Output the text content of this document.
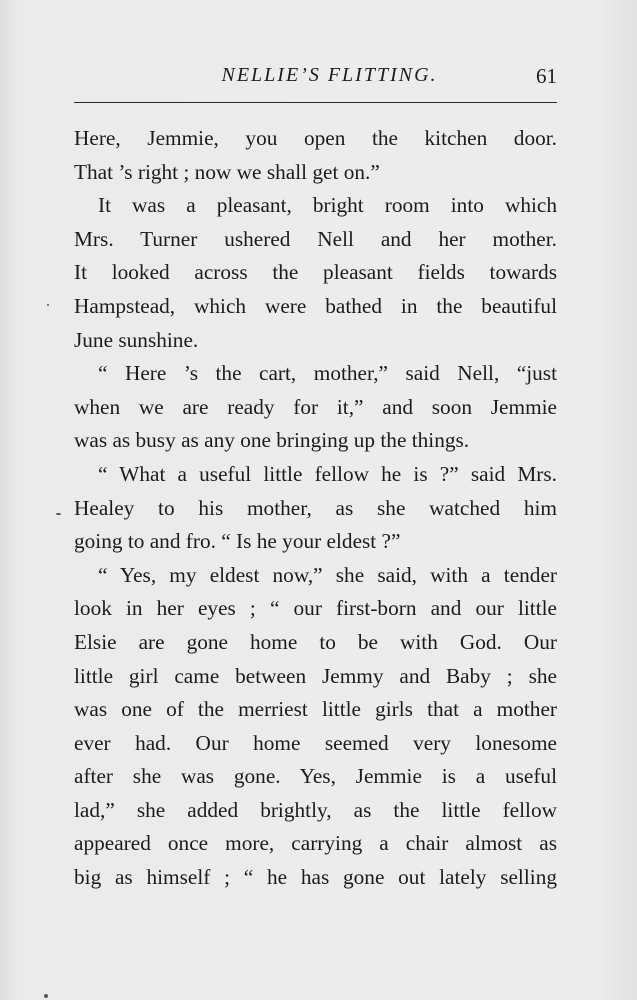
NELLIE’S FLITTING.	61
Here, Jemmie, you open the kitchen door.
That ’s right ; now we shall get on.”
It was a pleasant, bright room into which
Mrs. Turner ushered Nell and her mother.
It looked across the pleasant fields towards
Hampstead, which were bathed in the beautiful
June sunshine.
“ Here ’s the cart, mother,” said Nell, “just
when we are ready for it,” and soon Jemmie
was as busy as any one bringing up the things.
“ What a useful little fellow he is ?” said Mrs.
Healey to his mother, as she watched him
going to and fro. “ Is he your eldest ?”
“ Yes, my eldest now,” she said, with a tender
look in her eyes ; “ our first-born and our little
Elsie are gone home to be with God. Our
little girl came between Jemmy and Baby ; she
was one of the merriest little girls that a mother
ever had. Our home seemed very lonesome
after she was gone. Yes, Jemmie is a useful
lad,” she added brightly, as the little fellow
appeared once more, carrying a chair almost as
big as himself ; “ he has gone out lately selling
